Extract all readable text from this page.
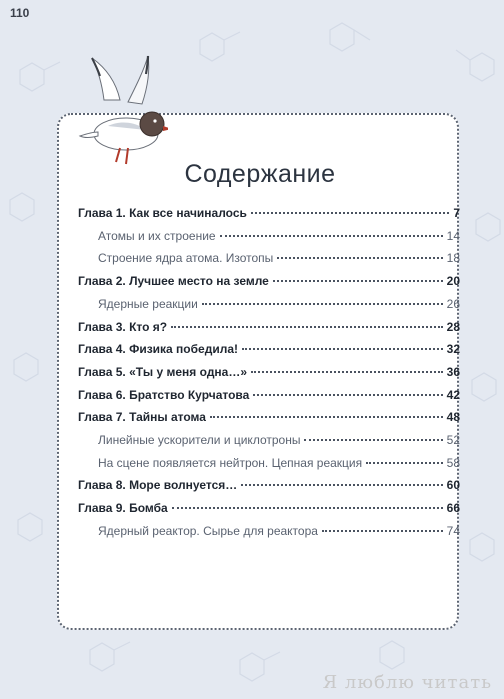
110
Содержание
Глава 1. Как все начиналось	7
Атомы и их строение	14
Строение ядра атома. Изотопы	18
Глава 2. Лучшее место на земле	20
Ядерные реакции	26
Глава 3. Кто я?	28
Глава 4. Физика победила!	32
Глава 5. «Ты у меня одна…»	36
Глава 6. Братство Курчатова	42
Глава 7. Тайны атома	48
Линейные ускорители и циклотроны	52
На сцене появляется нейтрон. Цепная реакция	58
Глава 8. Море волнуется…	60
Глава 9. Бомба	66
Ядерный реактор. Сырье для реактора	74
Я люблю читать
